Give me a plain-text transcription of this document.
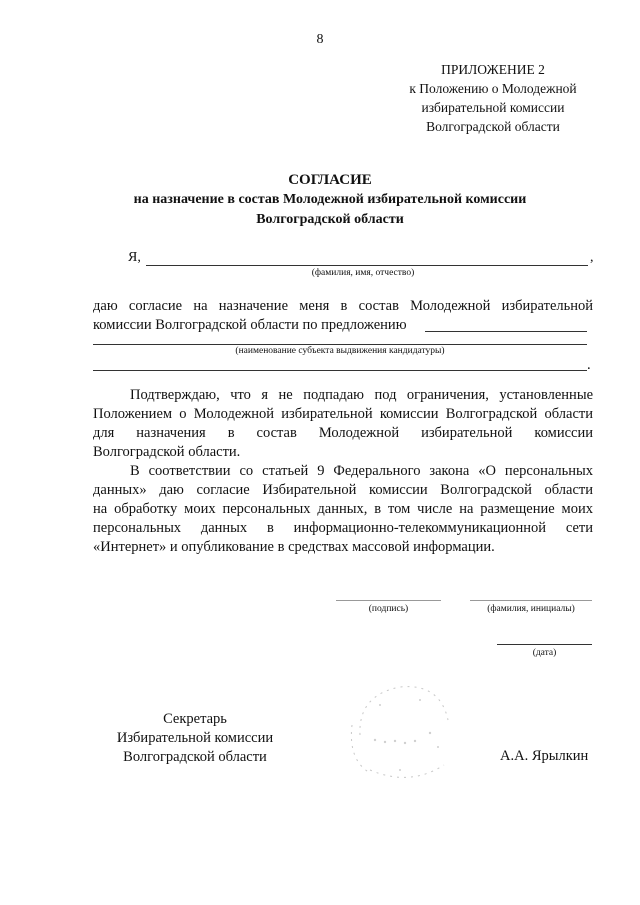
8
ПРИЛОЖЕНИЕ 2
к Положению о Молодежной
избирательной комиссии
Волгоградской области
СОГЛАСИЕ
на назначение в состав Молодежной избирательной комиссии
Волгоградской области
Я,	,
(фамилия, имя, отчество)
даю согласие на назначение меня в состав Молодежной избирательной
комиссии Волгоградской области по предложению
(наименование субъекта выдвижения кандидатуры)
.
Подтверждаю, что я не подпадаю под ограничения, установленные
Положением о Молодежной избирательной комиссии Волгоградской области
для назначения в состав Молодежной избирательной комиссии
Волгоградской области.
В соответствии со статьей 9 Федерального закона «О персональных
данных» даю согласие Избирательной комиссии Волгоградской области
на обработку моих персональных данных, в том числе на размещение моих
персональных данных в информационно-телекоммуникационной сети
«Интернет» и опубликование в средствах массовой информации.
(подпись)	(фамилия, инициалы)
(дата)
Секретарь
Избирательной комиссии
Волгоградской области	А.А. Ярылкин
